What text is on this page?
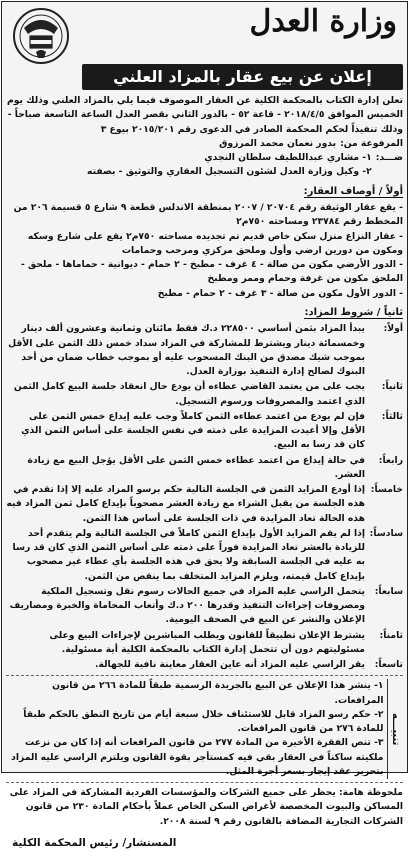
وزارة العدل
إعلان عن بيع عقار بالمزاد العلني

تعلن إدارة الكتاب بالمحكمة الكلية عن العقار الموصوف فيما يلي بالمزاد العلني وذلك يوم الخميس الموافق ٢٠١٨/٤/٥ - قاعة ٥٢ - بالدور الثاني بقصر العدل الساعة التاسعة صباحاً - وذلك تنفيذاً لحكم المحكمة الصادر في الدعوى رقم ٢٠١٥/٢٠١ بيوع ٣

المرفوعة من:
بدور نعمان محمد المرزوق
ضـــد:
١- مشاري عبداللطيف سلطان النجدي
٢- وكيل وزارة العدل لشئون التسجيل العقاري والتوثيق - بصفته
أولاً / أوصاف العقار:

- يقع عقار الوثيقة رقم ٢٠٧٠٤ / ٢٠٠٧ بمنطقة الاندلس قطعة ٩ شارع ٥ قسيمة ٢٠٦ من المخطط رقم ٢٣٧٨٤ ومساحته ٧٥٠م٢

- عقار النزاع منزل سكن خاص قديم تم تجديده مساحته ٧٥٠م٢ يقع على شارع وسكه ومكون من دورين ارضي وأول وملحق مركزي ومرحب وحمامات

- الدور الأرضي مكون من صالة - ٤ غرف - مطبخ - ٢ حمام - ديوانية - حماماها - ملحق - الملحق مكون من غرفة وحمام وممر ومطبخ

- الدور الأول مكون من صالة - ٣ غرف - ٢ حمام - مطبخ

ثانياً / شروط المزاد:
أولاً:
يبدأ المزاد بثمن أساسي ٢٢٨٥٠٠ د.ك فقط مائتان وثمانية وعشرون ألف دينار وخمسمائة دينار ويشترط للمشاركة في المزاد سداد خمس ذلك الثمن على الأقل بموجب شيك مصدق من البنك المسحوب عليه أو بموجب خطاب ضمان من أحد البنوك لصالح إدارة التنفيذ بوزارة العدل.
ثانياً:
يجب على من يعتمد القاضي عطاءه أن يودع حال انعقاد جلسة البيع كامل الثمن الذي اعتمد والمصروفات ورسوم التسجيل.
ثالثاً:
فإن لم يودع من اعتمد عطاءه الثمن كاملاً وجب عليه إيداع خمس الثمن على الأقل وإلا أعيدت المزايدة على ذمته في نفس الجلسة على أساس الثمن الذي كان قد رسا به البيع.
رابعاً:
في حالة إيداع من اعتمد عطاءه خمس الثمن على الأقل يؤجل البيع مع زيادة العشر.
خامساً:
إذا أودع المزايد الثمن في الجلسة التالية حكم برسو المزاد عليه إلا إذا تقدم في هذه الجلسة من يقبل الشراء مع زيادة العشر مصحوباً بإيداع كامل ثمن المزاد فيه هذه الحالة تعاد المزايدة في ذات الجلسة على أساس هذا الثمن.
سادساً:
إذا لم يقم المزايد الأول بإيداع الثمن كاملاً في الجلسة التالية ولم يتقدم أحد للزيادة بالعشر تعاد المزايدة فوراً على ذمته على أساس الثمن الذي كان قد رسا به عليه في الجلسة السابقة ولا يحق في هذه الجلسة بأي عطاء غير مصحوب بإيداع كامل قيمته، ويلزم المزايد المتخلف بما ينقص من الثمن.
سابعاً:
يتحمل الراسي عليه المزاد في جميع الحالات رسوم نقل وتسجيل الملكية ومصروفات إجراءات التنفيذ وقدرها ٢٠٠ د.ك وأتعاب المحاماة والخبرة ومصاريف الإعلان والنشر عن البيع في الصحف اليومية.
ثامناً:
يشترط الإعلان تطبيقاً للقانون ويطلب المباشرين لإجراءات البيع وعلى مسئوليتهم دون أن تتحمل إدارة الكتاب بالمحكمة الكلية أية مسئولية.
تاسعاً:
يقر الراسي عليه المزاد أنه عاين العقار معاينة نافية للجهالة.
تنبيـــه

١- ينشر هذا الإعلان عن البيع بالجريدة الرسمية طبقاً للمادة ٢٦٦ من قانون المرافعات.

٢- حكم رسو المزاد قابل للاستئناف خلال سبعة أيام من تاريخ النطق بالحكم طبقاً للمادة ٢٧٦ من قانون المرافعات.

٣- تنص الفقرة الأخيرة من المادة ٢٧٧ من قانون المرافعات أنه إذا كان من نزعت ملكيته ساكناً في العقار بقي فيه كمستأجر بقوة القانون ويلتزم الراسي عليه المزاد بتحرير عقد إيجار بسعر أجرة المثل.

ملحوظة هامة: يحظر على جميع الشركات والمؤسسات الفردية المشاركة في المزاد على المساكن والبيوت المخصصة لأغراض السكن الخاص عملاً بأحكام المادة ٢٣٠ من قانون الشركات التجارية المضافة بالقانون رقم ٩ لسنة ٢٠٠٨.

المستشار/ رئيس المحكمة الكلية
